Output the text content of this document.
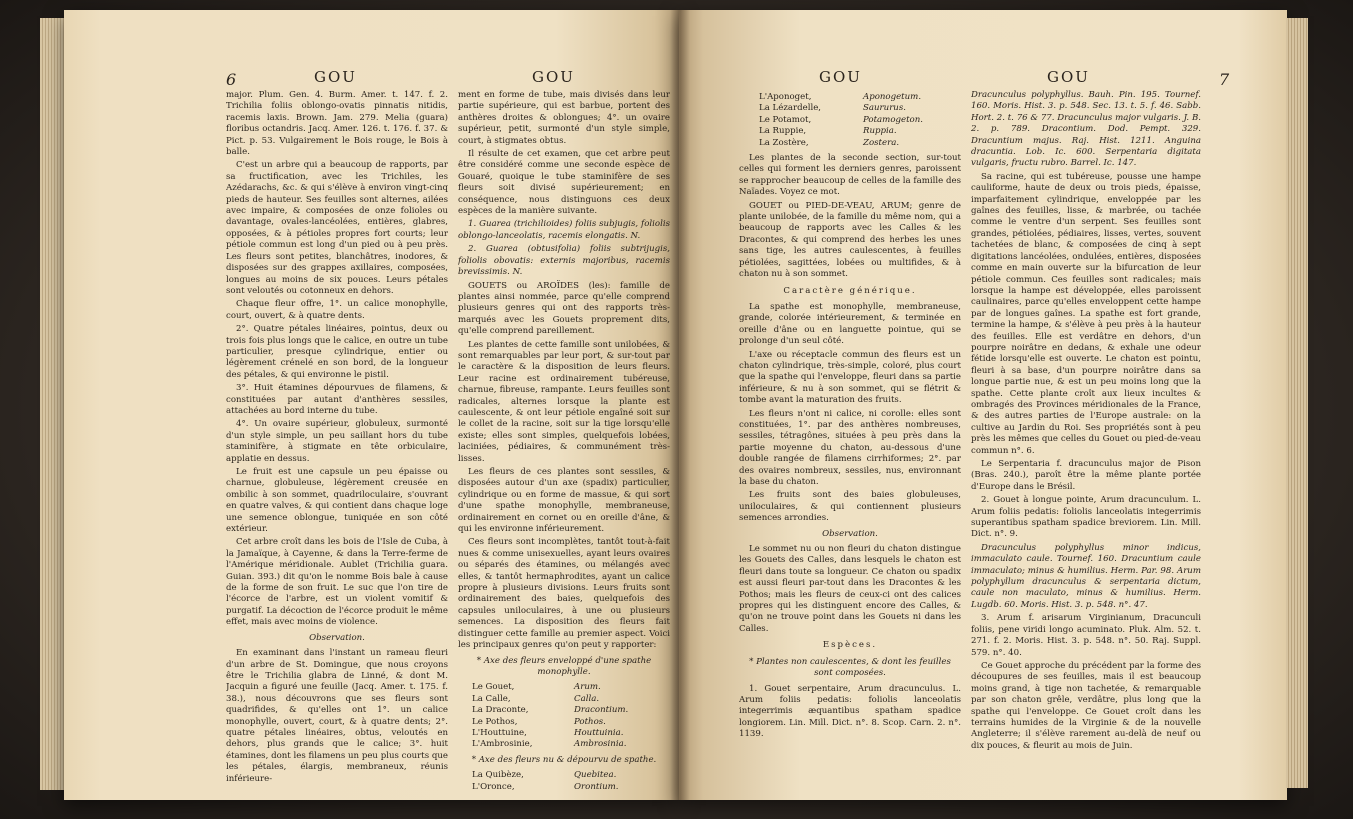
6	GOU	GOU

major. Plum. Gen. 4. Burm. Amer. t. 147. f. 2. Trichilia foliis oblongo-ovatis pinnatis nitidis, racemis laxis. Brown. Jam. 279. Melia (guara) floribus octandris. Jacq. Amer. 126. t. 176. f. 37. & Pict. p. 53. Vulgairement le Bois rouge, le Bois à balle.

C'est un arbre qui a beaucoup de rapports, par sa fructification, avec les Trichiles, les Azédarachs, &c. & qui s'élève à environ vingt-cinq pieds de hauteur. Ses feuilles sont alternes, ailées avec impaire, & composées de onze folioles ou davantage, ovales-lancéolées, entières, glabres, opposées, & à pétioles propres fort courts; leur pétiole commun est long d'un pied ou à peu près. Les fleurs sont petites, blanchâtres, inodores, & disposées sur des grappes axillaires, composées, longues au moins de six pouces. Leurs pétales sont veloutés ou cotonneux en dehors.

Chaque fleur offre, 1°. un calice monophylle, court, ouvert, & à quatre dents.

2°. Quatre pétales linéaires, pointus, deux ou trois fois plus longs que le calice, en outre un tube particulier, presque cylindrique, entier ou légèrement crénelé en son bord, de la longueur des pétales, & qui environne le pistil.

3°. Huit étamines dépourvues de filamens, & constituées par autant d'anthères sessiles, attachées au bord interne du tube.

4°. Un ovaire supérieur, globuleux, surmonté d'un style simple, un peu saillant hors du tube staminifère, à stigmate en tête orbiculaire, applatie en dessus.

Le fruit est une capsule un peu épaisse ou charnue, globuleuse, légèrement creusée en ombilic à son sommet, quadriloculaire, s'ouvrant en quatre valves, & qui contient dans chaque loge une semence oblongue, tuniquée en son côté extérieur.

Cet arbre croît dans les bois de l'Isle de Cuba, à la Jamaïque, à Cayenne, & dans la Terre-ferme de l'Amérique méridionale. Aublet (Trichilia guara. Guian. 393.) dit qu'on le nomme Bois bale à cause de la forme de son fruit. Le suc que l'on tire de l'écorce de l'arbre, est un violent vomitif & purgatif. La décoction de l'écorce produit le même effet, mais avec moins de violence.

Observation.

En examinant dans l'instant un rameau fleuri d'un arbre de St. Domingue, que nous croyons être le Trichilia glabra de Linné, & dont M. Jacquin a figuré une feuille (Jacq. Amer. t. 175. f. 38.), nous découvrons que ses fleurs sont quadrifides, & qu'elles ont 1°. un calice monophylle, ouvert, court, & à quatre dents; 2°. quatre pétales linéaires, obtus, veloutés en dehors, plus grands que le calice; 3°. huit étamines, dont les filamens un peu plus courts que les pétales, élargis, membraneux, réunis inférieure-

ment en forme de tube, mais divisés dans leur partie supérieure, qui est barbue, portent des anthères droites & oblongues; 4°. un ovaire supérieur, petit, surmonté d'un style simple, court, à stigmates obtus.

Il résulte de cet examen, que cet arbre peut être considéré comme une seconde espèce de Gouaré, quoique le tube staminifère de ses fleurs soit divisé supérieurement; en conséquence, nous distinguons ces deux espèces de la manière suivante.

1. Guarea (trichilioides) foliis subjugis, foliolis oblongo-lanceolatis, racemis elongatis. N.

2. Guarea (obtusifolia) foliis subtrijugis, foliolis obovatis: externis majoribus, racemis brevissimis. N.

GOUETS ou AROÏDES (les): famille de plantes ainsi nommée, parce qu'elle comprend plusieurs genres qui ont des rapports très-marqués avec les Gouets proprement dits, qu'elle comprend pareillement.

Les plantes de cette famille sont unilobées, & sont remarquables par leur port, & sur-tout par le caractère & la disposition de leurs fleurs. Leur racine est ordinairement tubéreuse, charnue, fibreuse, rampante. Leurs feuilles sont radicales, alternes lorsque la plante est caulescente, & ont leur pétiole engaîné soit sur le collet de la racine, soit sur la tige lorsqu'elle existe; elles sont simples, quelquefois lobées, laciniées, pédiaires, & communément très-lisses.

Les fleurs de ces plantes sont sessiles, & disposées autour d'un axe (spadix) particulier, cylindrique ou en forme de massue, & qui sort d'une spathe monophylle, membraneuse, ordinairement en cornet ou en oreille d'âne, & qui les environne inférieurement.

Ces fleurs sont incomplètes, tantôt tout-à-fait nues & comme unisexuelles, ayant leurs ovaires ou séparés des étamines, ou mélangés avec elles, & tantôt hermaphrodites, ayant un calice propre à plusieurs divisions. Leurs fruits sont ordinairement des baies, quelquefois des capsules uniloculaires, à une ou plusieurs semences. La disposition des fleurs fait distinguer cette famille au premier aspect. Voici les principaux genres qu'on peut y rapporter:

* Axe des fleurs enveloppé d'une spathe monophylle.
Le Gouet,	Arum.
La Calle,	Calla.
La Draconte,	Dracontium.
Le Pothos,	Pothos.
L'Houttuine,	Houttuinia.
L'Ambrosinie,	Ambrosinia.
* Axe des fleurs nu & dépourvu de spathe.
La Quibèze,	Quebitea.
L'Oronce,	Orontium.
GOU	GOU	7
L'Aponoget,	Aponogetum.
La Lézardelle,	Saururus.
Le Potamot,	Potamogeton.
La Ruppie,	Ruppia.
La Zostère,	Zostera.

Les plantes de la seconde section, sur-tout celles qui forment les derniers genres, paroissent se rapprocher beaucoup de celles de la famille des Naïades. Voyez ce mot.

GOUET ou PIED-DE-VEAU, ARUM; genre de plante unilobée, de la famille du même nom, qui a beaucoup de rapports avec les Calles & les Dracontes, & qui comprend des herbes les unes sans tige, les autres caulescentes, à feuilles pétiolées, sagittées, lobées ou multifides, & à chaton nu à son sommet.

Caractère générique.

La spathe est monophylle, membraneuse, grande, colorée intérieurement, & terminée en oreille d'âne ou en languette pointue, qui se prolonge d'un seul côté.

L'axe ou réceptacle commun des fleurs est un chaton cylindrique, très-simple, coloré, plus court que la spathe qui l'enveloppe, fleuri dans sa partie inférieure, & nu à son sommet, qui se flétrit & tombe avant la maturation des fruits.

Les fleurs n'ont ni calice, ni corolle: elles sont constituées, 1°. par des anthères nombreuses, sessiles, tétragônes, situées à peu près dans la partie moyenne du chaton, au-dessous d'une double rangée de filamens cirrhiformes; 2°. par des ovaires nombreux, sessiles, nus, environnant la base du chaton.

Les fruits sont des baies globuleuses, uniloculaires, & qui contiennent plusieurs semences arrondies.

Observation.

Le sommet nu ou non fleuri du chaton distingue les Gouets des Calles, dans lesquels le chaton est fleuri dans toute sa longueur. Ce chaton ou spadix est aussi fleuri par-tout dans les Dracontes & les Pothos; mais les fleurs de ceux-ci ont des calices propres qui les distinguent encore des Calles, & qu'on ne trouve point dans les Gouets ni dans les Calles.

Espèces.
* Plantes non caulescentes, & dont les feuilles sont composées.

1. Gouet serpentaire, Arum dracunculus. L. Arum foliis pedatis: foliolis lanceolatis integerrimis æquantibus spatham spadice longiorem. Lin. Mill. Dict. n°. 8. Scop. Carn. 2. n°. 1139.

Dracunculus polyphyllus. Bauh. Pin. 195. Tournef. 160. Moris. Hist. 3. p. 548. Sec. 13. t. 5. f. 46. Sabb. Hort. 2. t. 76 & 77. Dracunculus major vulgaris. J. B. 2. p. 789. Dracontium. Dod. Pempt. 329. Dracuntium majus. Raj. Hist. 1211. Anguina dracuntia. Lob. Ic. 600. Serpentaria digitata vulgaris, fructu rubro. Barrel. Ic. 147.

Sa racine, qui est tubéreuse, pousse une hampe cauliforme, haute de deux ou trois pieds, épaisse, imparfaitement cylindrique, enveloppée par les gaînes des feuilles, lisse, & marbrée, ou tachée comme le ventre d'un serpent. Ses feuilles sont grandes, pétiolées, pédiaires, lisses, vertes, souvent tachetées de blanc, & composées de cinq à sept digitations lancéolées, ondulées, entières, disposées comme en main ouverte sur la bifurcation de leur pétiole commun. Ces feuilles sont radicales; mais lorsque la hampe est développée, elles paroissent caulinaires, parce qu'elles enveloppent cette hampe par de longues gaînes. La spathe est fort grande, termine la hampe, & s'élève à peu près à la hauteur des feuilles. Elle est verdâtre en dehors, d'un pourpre noirâtre en dedans, & exhale une odeur fétide lorsqu'elle est ouverte. Le chaton est pointu, fleuri à sa base, d'un pourpre noirâtre dans sa longue partie nue, & est un peu moins long que la spathe. Cette plante croît aux lieux incultes & ombragés des Provinces méridionales de la France, & des autres parties de l'Europe australe: on la cultive au Jardin du Roi. Ses propriétés sont à peu près les mêmes que celles du Gouet ou pied-de-veau commun n°. 6.

Le Serpentaria f. dracunculus major de Pison (Bras. 240.), paroît être la même plante portée d'Europe dans le Brésil.

2. Gouet à longue pointe, Arum dracunculum. L. Arum foliis pedatis: foliolis lanceolatis integerrimis superantibus spatham spadice breviorem. Lin. Mill. Dict. n°. 9.

Dracunculus polyphyllus minor indicus, immaculato caule. Tournef. 160. Dracuntium caule immaculato; minus & humilius. Herm. Par. 98. Arum polyphyllum dracunculus & serpentaria dictum, caule non maculato, minus & humilius. Herm. Lugdb. 60. Moris. Hist. 3. p. 548. n°. 47.

3. Arum f. arisarum Virginianum, Dracunculi foliis, pene viridi longo acuminato. Pluk. Alm. 52. t. 271. f. 2. Moris. Hist. 3. p. 548. n°. 50. Raj. Suppl. 579. n°. 40.

Ce Gouet approche du précédent par la forme des découpures de ses feuilles, mais il est beaucoup moins grand, à tige non tachetée, & remarquable par son chaton grêle, verdâtre, plus long que la spathe qui l'enveloppe. Ce Gouet croît dans les terrains humides de la Virginie & de la nouvelle Angleterre; il s'élève rarement au-delà de neuf ou dix pouces, & fleurit au mois de Juin.
